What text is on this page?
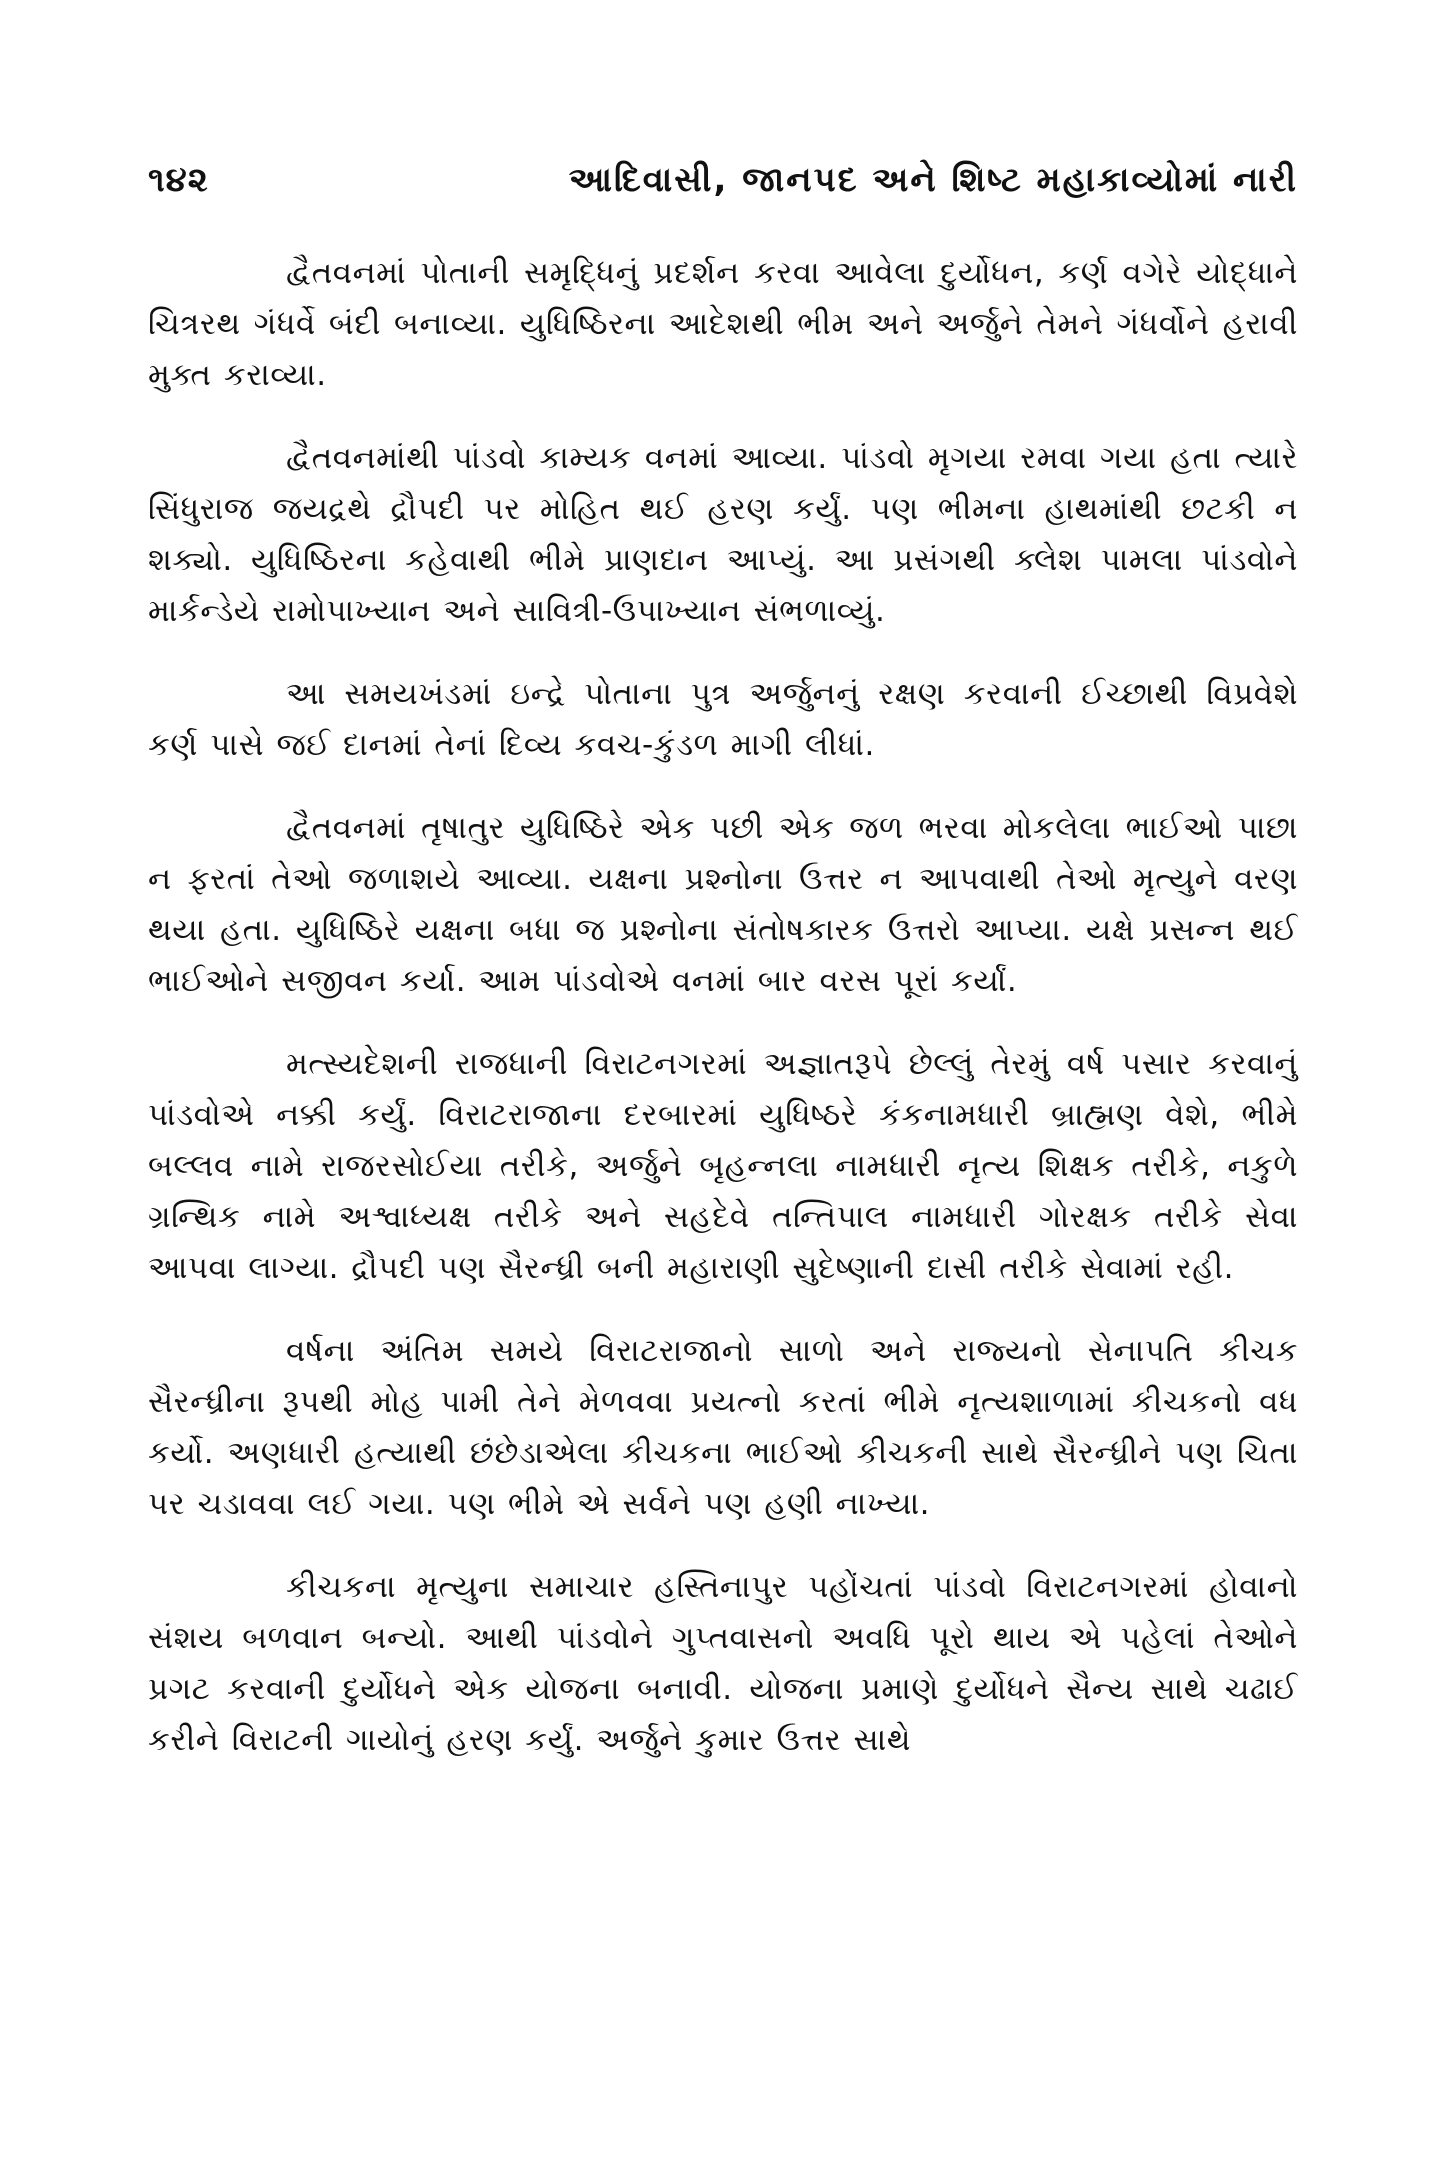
૧૪૨	આદિવાસી, જાનપદ અને શિષ્ટ મહાકાવ્યોમાં નારી

દ્વૈતવનમાં પોતાની સમૃદ્ધિનું પ્રદર્શન કરવા આવેલા દુર્યોધન, કર્ણ વગેરે યોદ્ધાને ચિત્રરથ ગંધર્વે બંદી બનાવ્યા. યુધિષ્ઠિરના આદેશથી ભીમ અને અર્જુને તેમને ગંધર્વોને હરાવી મુક્ત કરાવ્યા.

દ્વૈતવનમાંથી પાંડવો કામ્યક વનમાં આવ્યા. પાંડવો મૃગયા રમવા ગયા હતા ત્યારે સિંધુરાજ જયદ્રથે દ્રૌપદી પર મોહિત થઈ હરણ કર્યું. પણ ભીમના હાથમાંથી છટકી ન શક્યો. યુધિષ્ઠિરના કહેવાથી ભીમે પ્રાણદાન આપ્યું. આ પ્રસંગથી ક્લેશ પામલા પાંડવોને માર્કન્ડેયે રામોપાખ્યાન અને સાવિત્રી-ઉપાખ્યાન સંભળાવ્યું.

આ સમયખંડમાં ઇન્દ્રે પોતાના પુત્ર અર્જુનનું રક્ષણ કરવાની ઈચ્છાથી વિપ્રવેશે કર્ણ પાસે જઈ દાનમાં તેનાં દિવ્ય કવચ-કુંડળ માગી લીધાં.

દ્વૈતવનમાં તૃષાતુર યુધિષ્ઠિરે એક પછી એક જળ ભરવા મોકલેલા ભાઈઓ પાછા ન ફરતાં તેઓ જળાશયે આવ્યા. યક્ષના પ્રશ્નોના ઉત્તર ન આપવાથી તેઓ મૃત્યુને વરણ થયા હતા. યુધિષ્ઠિરે યક્ષના બધા જ પ્રશ્નોના સંતોષકારક ઉત્તરો આપ્યા. યક્ષે પ્રસન્ન થઈ ભાઈઓને સજીવન કર્યા. આમ પાંડવોએ વનમાં બાર વરસ પૂરાં કર્યાં.

મત્સ્યદેશની રાજધાની વિરાટનગરમાં અજ્ઞાતરૂપે છેલ્લું તેરમું વર્ષ પસાર કરવાનું પાંડવોએ નક્કી કર્યું. વિરાટરાજાના દરબારમાં યુધિષ્ઠરે કંકનામધારી બ્રાહ્મણ વેશે, ભીમે બલ્લવ નામે રાજરસોઈયા તરીકે, અર્જુને બૃહન્નલા નામધારી નૃત્ય શિક્ષક તરીકે, નકુળે ગ્રન્થિક નામે અશ્વાધ્યક્ષ તરીકે અને સહદેવે તન્તિપાલ નામધારી ગોરક્ષક તરીકે સેવા આપવા લાગ્યા. દ્રૌપદી પણ સૈરન્ધ્રી બની મહારાણી સુદેષ્ણાની દાસી તરીકે સેવામાં રહી.

વર્ષના અંતિમ સમયે વિરાટરાજાનો સાળો અને રાજ્યનો સેનાપતિ કીચક સૈરન્ધ્રીના રૂપથી મોહ પામી તેને મેળવવા પ્રયત્નો કરતાં ભીમે નૃત્યશાળામાં કીચકનો વધ કર્યો. અણધારી હત્યાથી છંછેડાએલા કીચકના ભાઈઓ કીચકની સાથે સૈરન્ધ્રીને પણ ચિતા પર ચડાવવા લઈ ગયા. પણ ભીમે એ સર્વને પણ હણી નાખ્યા.

કીચકના મૃત્યુના સમાચાર હસ્તિનાપુર પહોંચતાં પાંડવો વિરાટનગરમાં હોવાનો સંશય બળવાન બન્યો. આથી પાંડવોને ગુપ્તવાસનો અવધિ પૂરો થાય એ પહેલાં તેઓને પ્રગટ કરવાની દુર્યોધને એક યોજના બનાવી. યોજના પ્રમાણે દુર્યોધને સૈન્ય સાથે ચઢાઈ કરીને વિરાટની ગાયોનું હરણ કર્યું. અર્જુને કુમાર ઉત્તર સાથે
